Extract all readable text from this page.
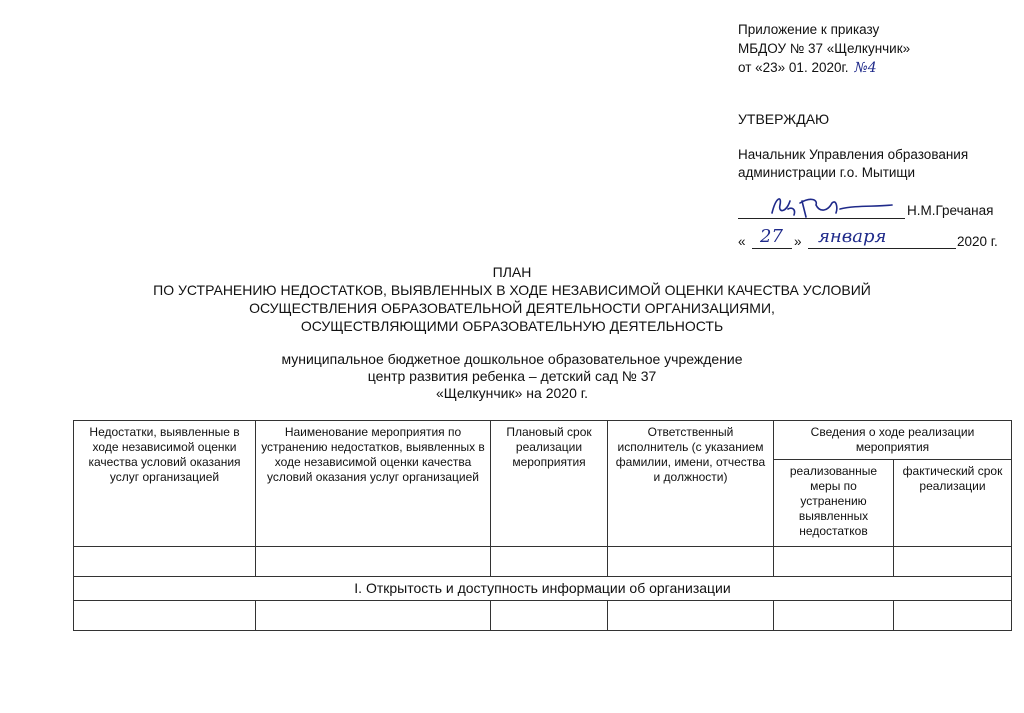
Приложение к приказу
МБДОУ № 37 «Щелкунчик»
от «23» 01. 2020г. №4
УТВЕРЖДАЮ
Начальник Управления образования
администрации г.о. Мытищи
Н.М.Гречаная
« 27 » января	2020 г.
ПЛАН
ПО УСТРАНЕНИЮ НЕДОСТАТКОВ, ВЫЯВЛЕННЫХ В ХОДЕ НЕЗАВИСИМОЙ ОЦЕНКИ КАЧЕСТВА УСЛОВИЙ
ОСУЩЕСТВЛЕНИЯ ОБРАЗОВАТЕЛЬНОЙ ДЕЯТЕЛЬНОСТИ ОРГАНИЗАЦИЯМИ,
ОСУЩЕСТВЛЯЮЩИМИ ОБРАЗОВАТЕЛЬНУЮ ДЕЯТЕЛЬНОСТЬ
муниципальное бюджетное дошкольное образовательное учреждение
центр развития ребенка – детский сад № 37
«Щелкунчик» на 2020 г.
Недостатки, выявленные в ходе независимой оценки качества условий оказания услуг организацией	Наименование мероприятия по устранению недостатков, выявленных в ходе независимой оценки качества условий оказания услуг организацией	Плановый срок реализации мероприятия	Ответственный исполнитель (с указанием фамилии, имени, отчества и должности)	Сведения о ходе реализации мероприятия	
				реализованные меры по устранению выявленных недостатков	фактический срок реализации

I. Открытость и доступность информации об организации					
